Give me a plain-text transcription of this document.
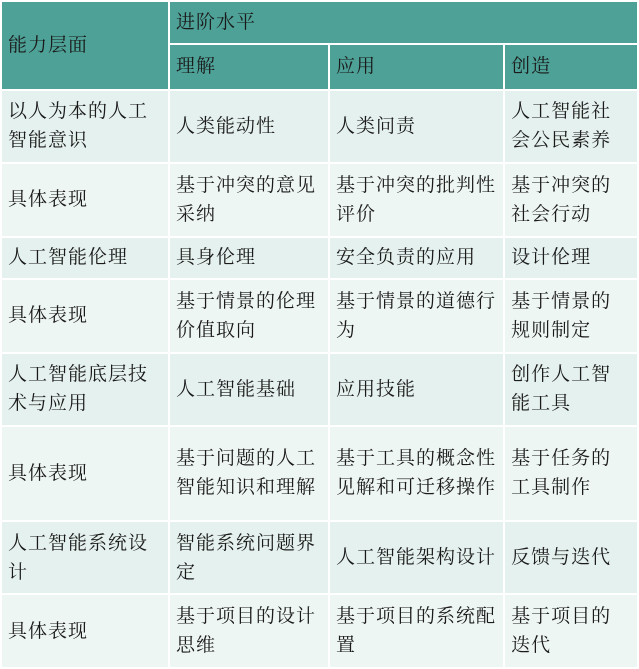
能力层面	进阶水平		
	理解	应用	创造
以人为本的人工智能意识	人类能动性	人类问责	人工智能社会公民素养
具体表现	基于冲突的意见采纳	基于冲突的批判性评价	基于冲突的社会行动
人工智能伦理	具身伦理	安全负责的应用	设计伦理
具体表现	基于情景的伦理价值取向	基于情景的道德行为	基于情景的规则制定
人工智能底层技术与应用	人工智能基础	应用技能	创作人工智能工具
具体表现	基于问题的人工智能知识和理解	基于工具的概念性见解和可迁移操作	基于任务的工具制作
人工智能系统设计	智能系统问题界定	人工智能架构设计	反馈与迭代
具体表现	基于项目的设计思维	基于项目的系统配置	基于项目的迭代
